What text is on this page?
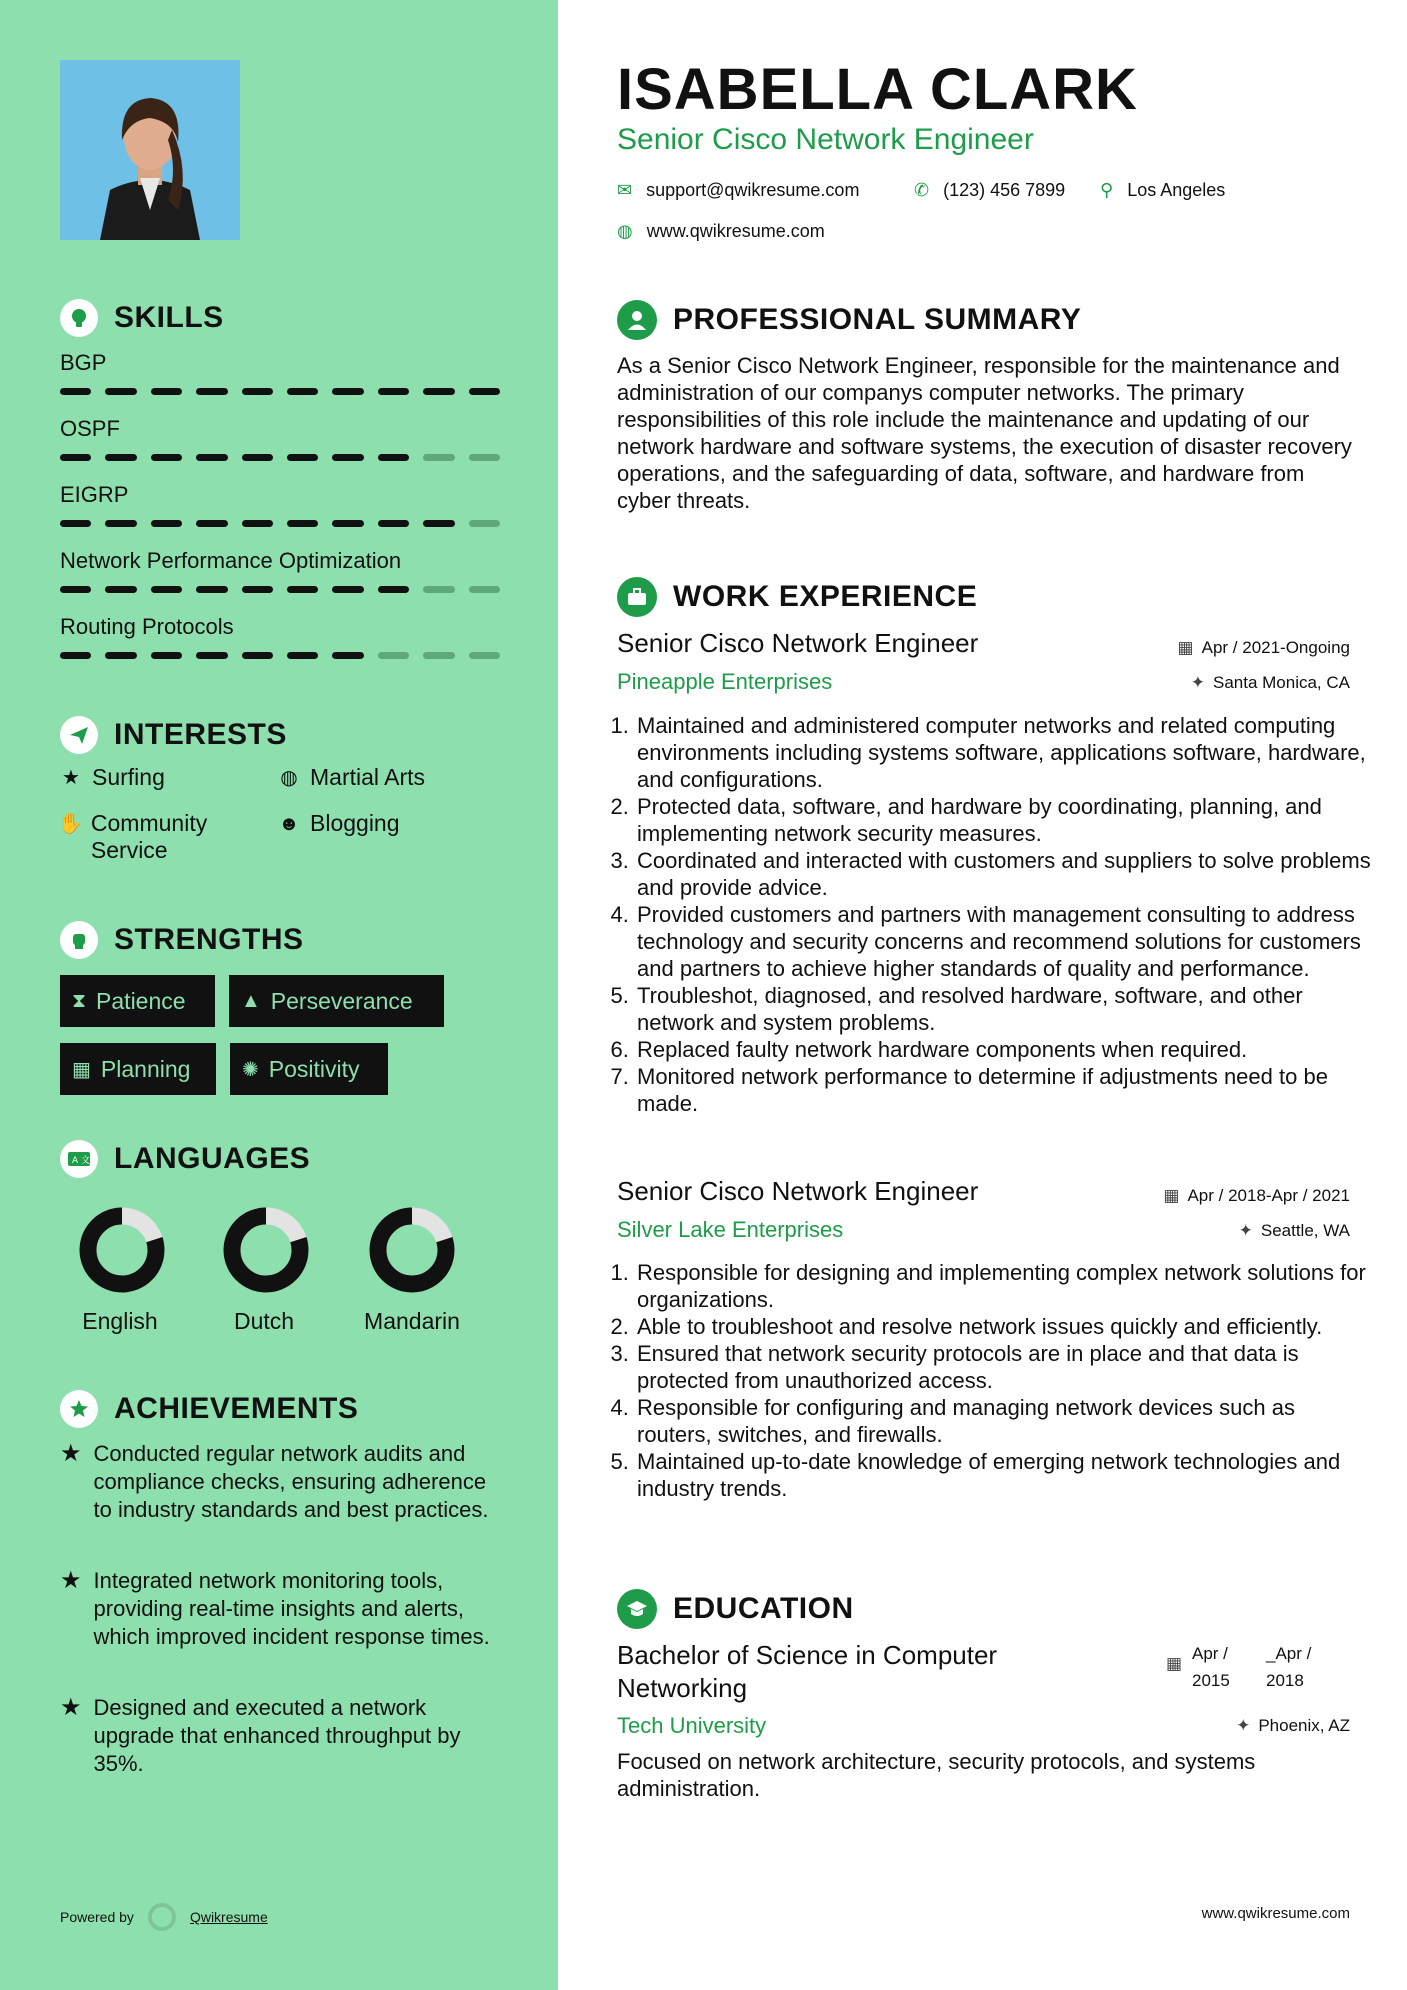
SKILLS
BGP
OSPF
EIGRP
Network Performance Optimization
Routing Protocols
INTERESTS
★ Surfing	◍ Martial Arts
✋ Community Service
☻ Blogging
STRENGTHS
⧗ Patience	▲ Perseverance
▦ Planning	✺ Positivity
A 文 LANGUAGES
English	Dutch	Mandarin
ACHIEVEMENTS
★ Conducted regular network audits and compliance checks, ensuring adherence to industry standards and best practices.
★ Integrated network monitoring tools, providing real-time insights and alerts, which improved incident response times.
★ Designed and executed a network upgrade that enhanced throughput by 35%.
Powered by	Qwikresume
ISABELLA CLARK
Senior Cisco Network Engineer
✉ support@qwikresume.com	✆ (123) 456 7899 ⚲ Los Angeles
◍ www.qwikresume.com
PROFESSIONAL SUMMARY
As a Senior Cisco Network Engineer, responsible for the maintenance and administration of our companys computer networks. The primary responsibilities of this role include the maintenance and updating of our network hardware and software systems, the execution of disaster recovery operations, and the safeguarding of data, software, and hardware from cyber threats.
WORK EXPERIENCE
Senior Cisco Network Engineer	▦ Apr / 2021-Ongoing
Pineapple Enterprises	✦ Santa Monica, CA
1. Maintained and administered computer networks and related computing environments including systems software, applications software, hardware, and configurations.
2. Protected data, software, and hardware by coordinating, planning, and implementing network security measures.
3. Coordinated and interacted with customers and suppliers to solve problems and provide advice.
4. Provided customers and partners with management consulting to address technology and security concerns and recommend solutions for customers and partners to achieve higher standards of quality and performance.
5. Troubleshot, diagnosed, and resolved hardware, software, and other network and system problems.
6. Replaced faulty network hardware components when required.
7. Monitored network performance to determine if adjustments need to be made.
Senior Cisco Network Engineer	▦ Apr / 2018-Apr / 2021
Silver Lake Enterprises	✦ Seattle, WA
1. Responsible for designing and implementing complex network solutions for organizations.
2. Able to troubleshoot and resolve network issues quickly and efficiently.
3. Ensured that network security protocols are in place and that data is protected from unauthorized access.
4. Responsible for configuring and managing network devices such as routers, switches, and firewalls.
5. Maintained up-to-date knowledge of emerging network technologies and industry trends.
EDUCATION
Bachelor of Science in Computer Networking
▦
Apr / 2015
_Apr / 2018
Tech University	✦ Phoenix, AZ
Focused on network architecture, security protocols, and systems administration.
www.qwikresume.com
